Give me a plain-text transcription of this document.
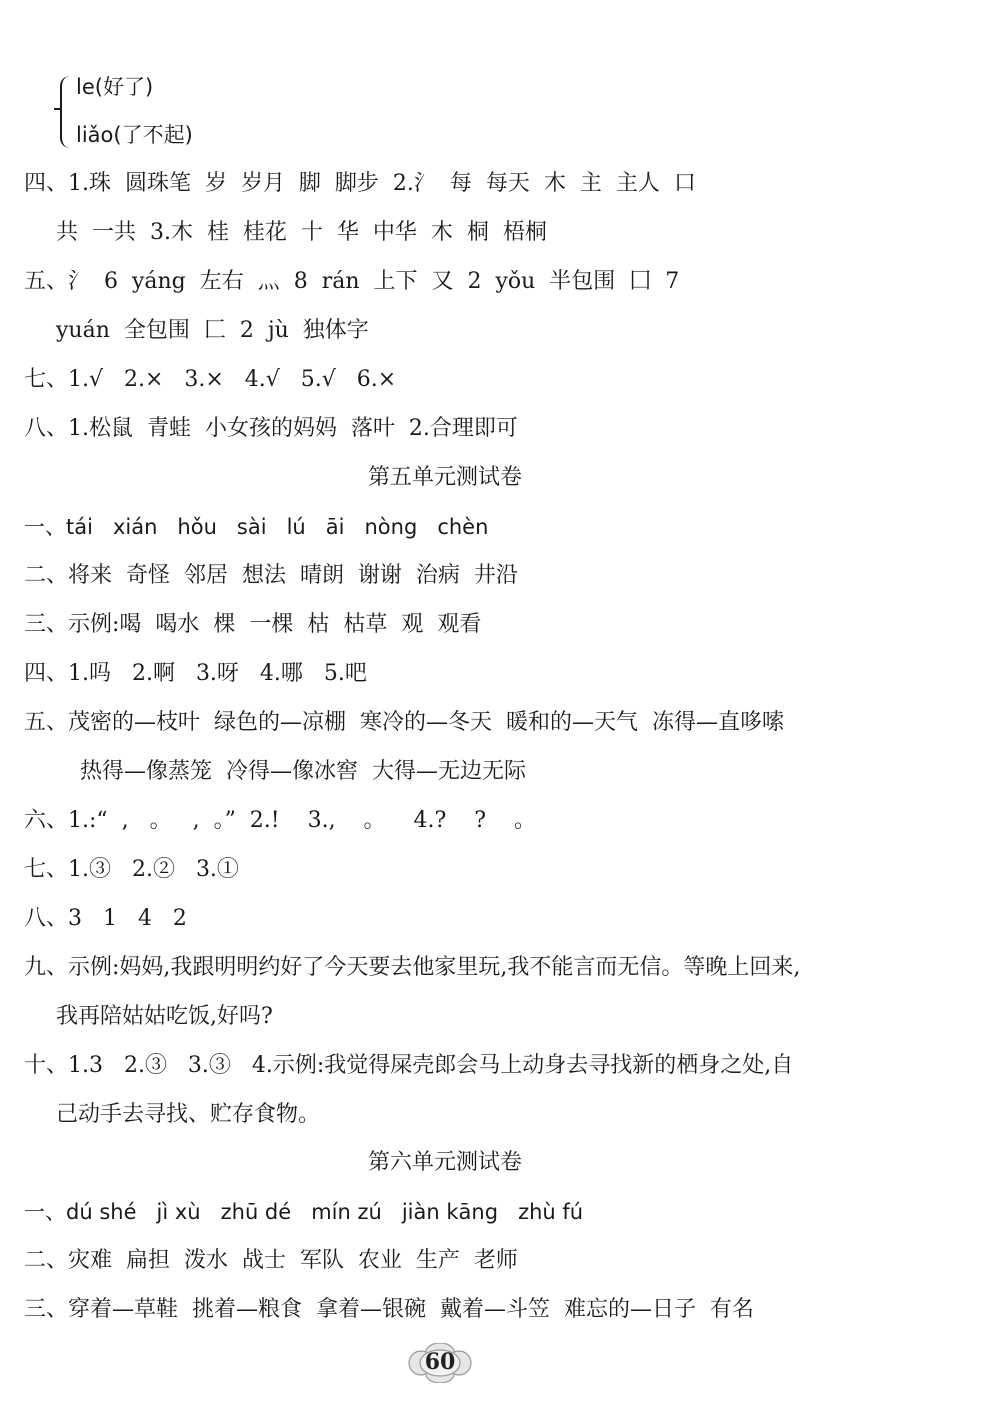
le(好了)
liǎo(了不起)
四、1.珠  圆珠笔  岁  岁月  脚  脚步  2.氵  每  每天  木  主  主人  口
共  一共  3.木  桂  桂花  十  华  中华  木  桐  梧桐
五、氵  6  yáng  左右  灬  8  rán  上下  又  2  yǒu  半包围  囗  7
yuán  全包围  匚  2  jù  独体字
七、1.√   2.×   3.×   4.√   5.√   6.×
八、1.松鼠  青蛙  小女孩的妈妈  落叶  2.合理即可
第五单元测试卷
一、tái   xián   hǒu   sài   lú   āi   nòng   chèn
二、将来  奇怪  邻居  想法  晴朗  谢谢  治病  井沿
三、示例:喝  喝水  棵  一棵  枯  枯草  观  观看
四、1.吗   2.啊   3.呀   4.哪   5.吧
五、茂密的—枝叶  绿色的—凉棚  寒冷的—冬天  暖和的—天气  冻得—直哆嗦
热得—像蒸笼  冷得—像冰窖  大得—无边无际
六、1.:“  ,   。   ,  。”  2.!    3.,    。    4.?    ?    。
七、1.③   2.②   3.①
八、3   1   4   2
九、示例:妈妈,我跟明明约好了今天要去他家里玩,我不能言而无信。等晚上回来,
我再陪姑姑吃饭,好吗?
十、1.3   2.③   3.③   4.示例:我觉得屎壳郎会马上动身去寻找新的栖身之处,自
己动手去寻找、贮存食物。
第六单元测试卷
一、dú shé   jì xù   zhū dé   mín zú   jiàn kāng   zhù fú
二、灾难  扁担  泼水  战士  军队  农业  生产  老师
三、穿着—草鞋  挑着—粮食  拿着—银碗  戴着—斗笠  难忘的—日子  有名
60
